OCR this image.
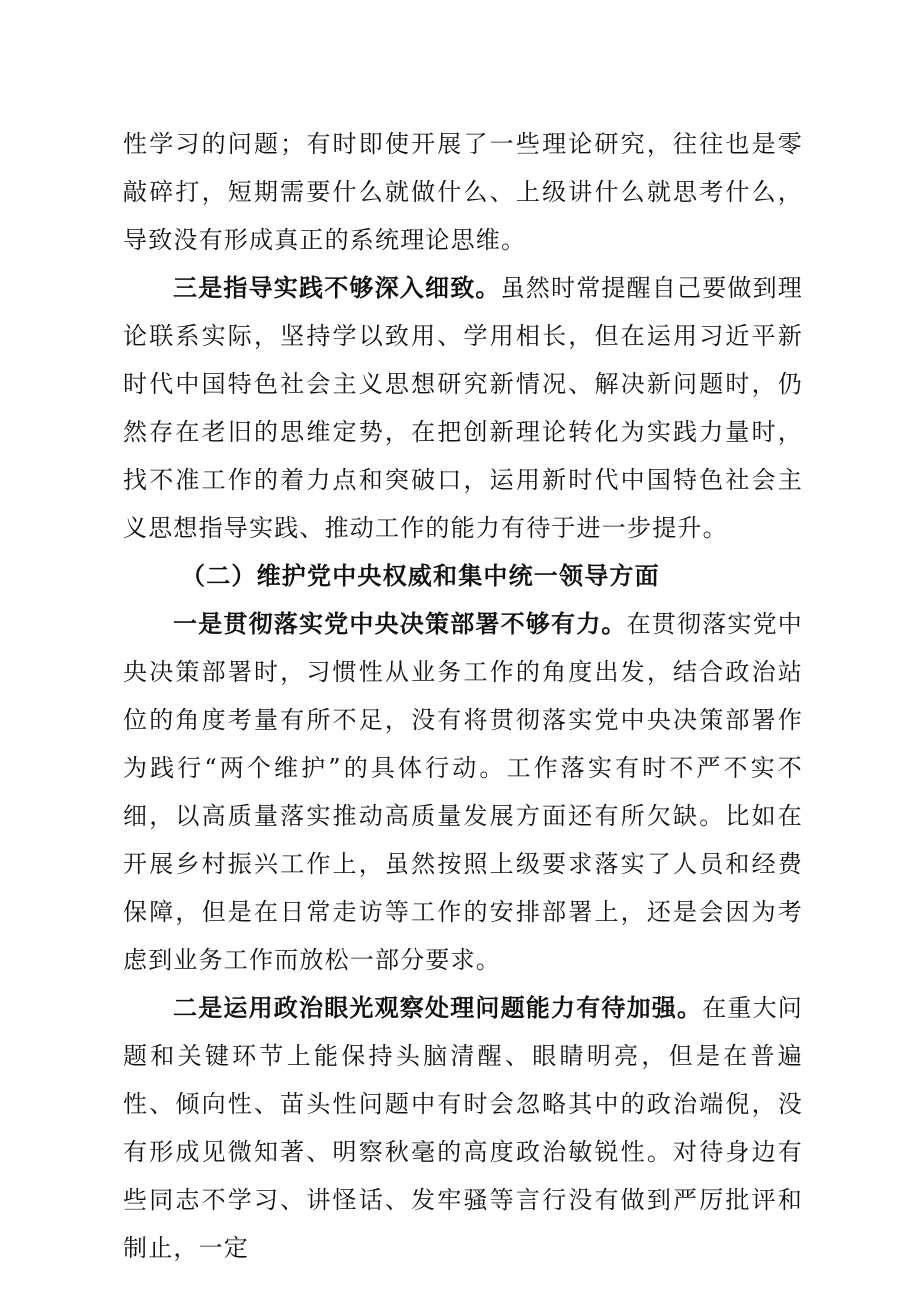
性学习的问题；有时即使开展了一些理论研究，往往也是零敲碎打，短期需要什么就做什么、上级讲什么就思考什么，导致没有形成真正的系统理论思维。

三是指导实践不够深入细致。虽然时常提醒自己要做到理论联系实际，坚持学以致用、学用相长，但在运用习近平新时代中国特色社会主义思想研究新情况、解决新问题时，仍然存在老旧的思维定势，在把创新理论转化为实践力量时，找不准工作的着力点和突破口，运用新时代中国特色社会主义思想指导实践、推动工作的能力有待于进一步提升。

（二）维护党中央权威和集中统一领导方面

一是贯彻落实党中央决策部署不够有力。在贯彻落实党中央决策部署时，习惯性从业务工作的角度出发，结合政治站位的角度考量有所不足，没有将贯彻落实党中央决策部署作为践行“两个维护”的具体行动。工作落实有时不严不实不细，以高质量落实推动高质量发展方面还有所欠缺。比如在开展乡村振兴工作上，虽然按照上级要求落实了人员和经费保障，但是在日常走访等工作的安排部署上，还是会因为考虑到业务工作而放松一部分要求。

二是运用政治眼光观察处理问题能力有待加强。在重大问题和关键环节上能保持头脑清醒、眼睛明亮，但是在普遍性、倾向性、苗头性问题中有时会忽略其中的政治端倪，没有形成见微知著、明察秋毫的高度政治敏锐性。对待身边有些同志不学习、讲怪话、发牢骚等言行没有做到严厉批评和制止，一定
